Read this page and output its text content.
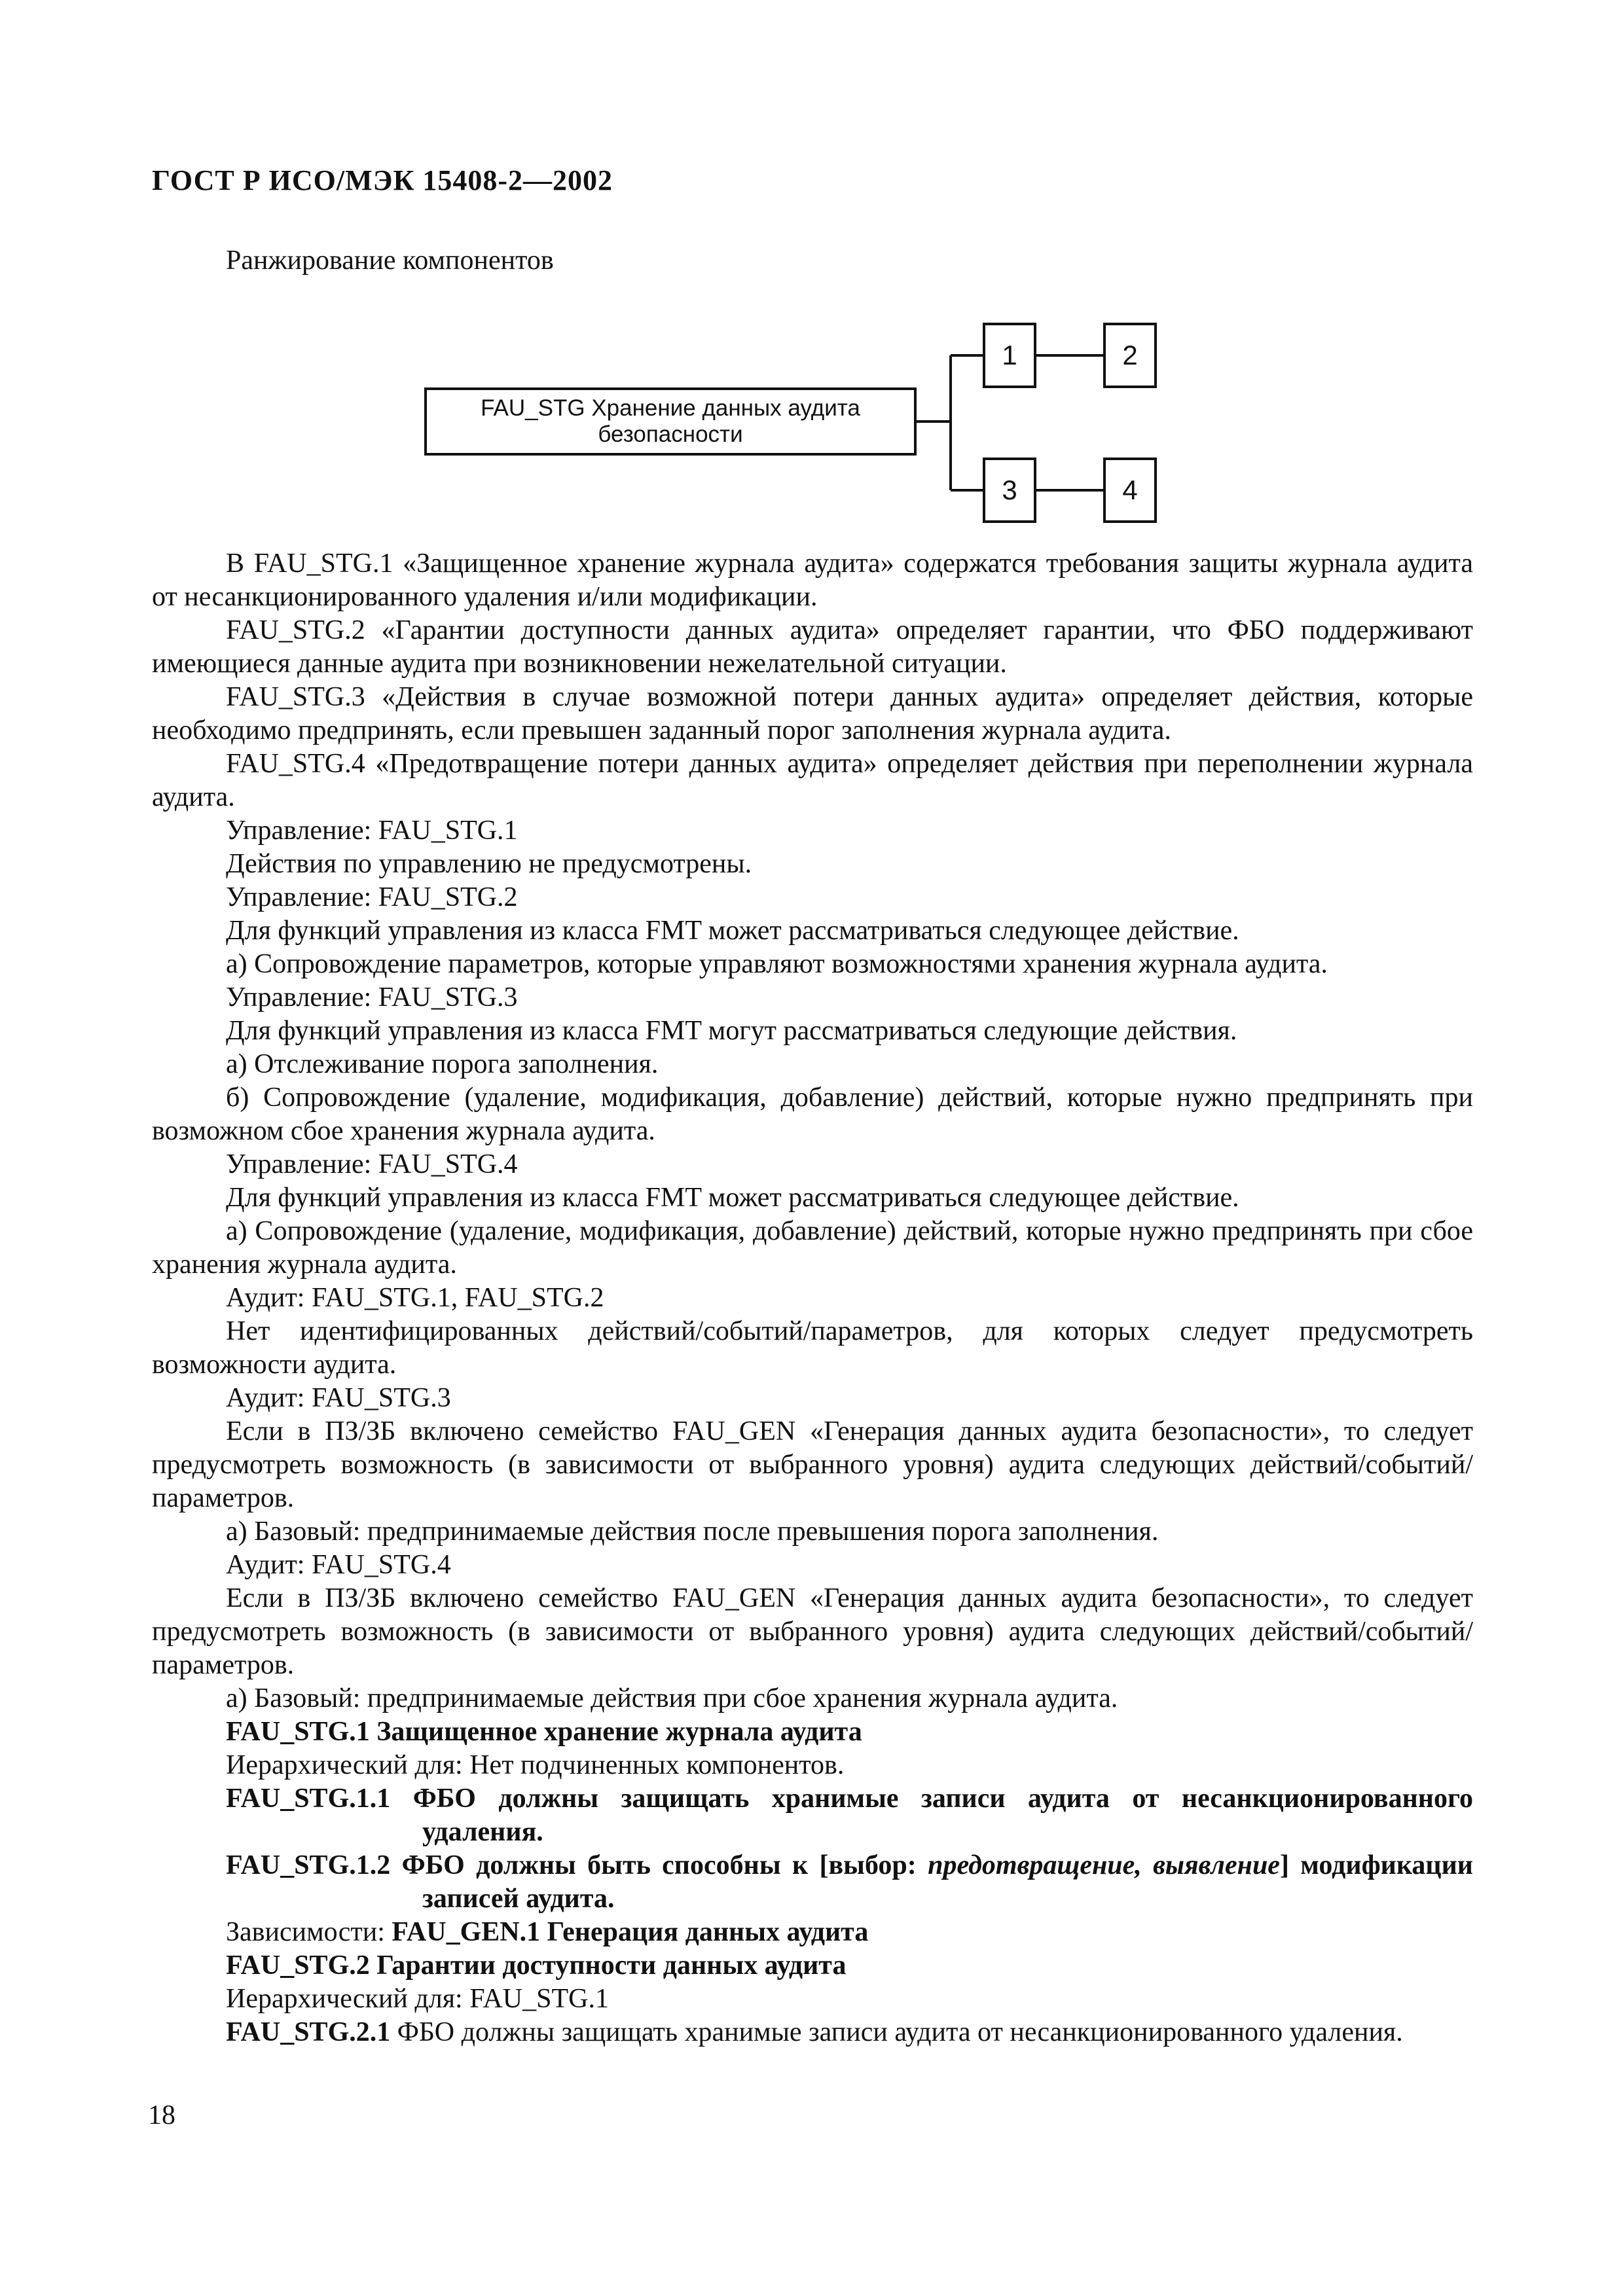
ГОСТ Р ИСО/МЭК 15408-2—2002
Ранжирование компонентов
FAU_STG Хранение данных аудита
безопасности
1	2
3	4

В FAU_STG.1 «Защищенное хранение журнала аудита» содержатся требования защиты журнала аудита от несанкционированного удаления и/или модификации.

FAU_STG.2 «Гарантии доступности данных аудита» определяет гарантии, что ФБО поддерживают имеющиеся данные аудита при возникновении нежелательной ситуации.

FAU_STG.3 «Действия в случае возможной потери данных аудита» определяет действия, которые необходимо предпринять, если превышен заданный порог заполнения журнала аудита.

FAU_STG.4 «Предотвращение потери данных аудита» определяет действия при переполнении журнала аудита.

Управление: FAU_STG.1

Действия по управлению не предусмотрены.

Управление: FAU_STG.2

Для функций управления из класса FMT может рассматриваться следующее действие.

а) Сопровождение параметров, которые управляют возможностями хранения журнала аудита.

Управление: FAU_STG.3

Для функций управления из класса FMT могут рассматриваться следующие действия.

а) Отслеживание порога заполнения.

б) Сопровождение (удаление, модификация, добавление) действий, которые нужно предпринять при возможном сбое хранения журнала аудита.

Управление: FAU_STG.4

Для функций управления из класса FMT может рассматриваться следующее действие.

а) Сопровождение (удаление, модификация, добавление) действий, которые нужно предпринять при сбое хранения журнала аудита.

Аудит: FAU_STG.1, FAU_STG.2

Нет идентифицированных действий/событий/параметров, для которых следует предусмотреть возможности аудита.

Аудит: FAU_STG.3

Если в ПЗ/ЗБ включено семейство FAU_GEN «Генерация данных аудита безопасности», то следует предусмотреть возможность (в зависимости от выбранного уровня) аудита следующих действий/событий/параметров.

а) Базовый: предпринимаемые действия после превышения порога заполнения.

Аудит: FAU_STG.4

Если в ПЗ/ЗБ включено семейство FAU_GEN «Генерация данных аудита безопасности», то следует предусмотреть возможность (в зависимости от выбранного уровня) аудита следующих действий/событий/параметров.

а) Базовый: предпринимаемые действия при сбое хранения журнала аудита.

FAU_STG.1 Защищенное хранение журнала аудита

Иерархический для: Нет подчиненных компонентов.

FAU_STG.1.1 ФБО должны защищать хранимые записи аудита от несанкционированного удаления.

FAU_STG.1.2 ФБО должны быть способны к [выбор: предотвращение, выявление] модификации записей аудита.

Зависимости: FAU_GEN.1 Генерация данных аудита

FAU_STG.2 Гарантии доступности данных аудита

Иерархический для: FAU_STG.1

FAU_STG.2.1 ФБО должны защищать хранимые записи аудита от несанкционированного удаления.

18
